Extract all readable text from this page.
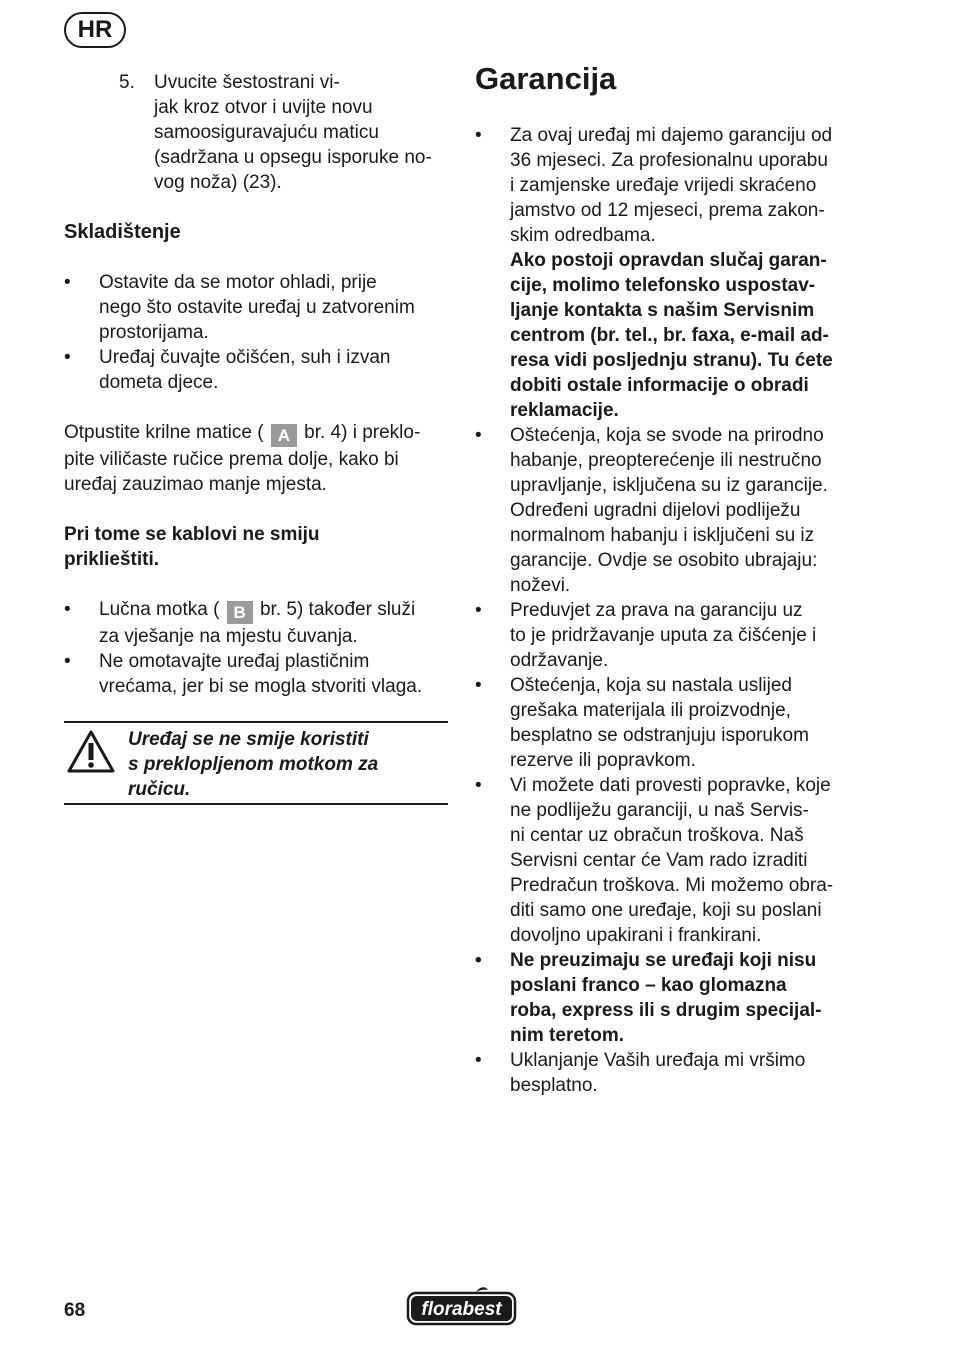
HR
5. Uvucite šestostrani vi-
jak kroz otvor i uvijte novu
samoosiguravajuću maticu
(sadržana u opsegu isporuke no-
vog noža) (23).
Skladištenje
• Ostavite da se motor ohladi, prije
nego što ostavite uređaj u zatvorenim
prostorijama.
• Uređaj čuvajte očišćen, suh i izvan
dometa djece.

Otpustite krilne matice ( A br. 4) i preklo-
pite viličaste ručice prema dolje, kako bi
uređaj zauzimao manje mjesta.

Pri tome se kablovi ne smiju
priklieštiti.

• Lučna motka ( B br. 5) također služi
za vješanje na mjestu čuvanja.
• Ne omotavajte uređaj plastičnim
vrećama, jer bi se mogla stvoriti vlaga.
Uređaj se ne smije koristiti
s preklopljenom motkom za
ručicu.
Garancija
• Za ovaj uređaj mi dajemo garanciju od
36 mjeseci. Za profesionalnu uporabu
i zamjenske uređaje vrijedi skraćeno
jamstvo od 12 mjeseci, prema zakon-
skim odredbama.
Ako postoji opravdan slučaj garan-
cije, molimo telefonsko uspostav-
ljanje kontakta s našim Servisnim
centrom (br. tel., br. faxa, e-mail ad-
resa vidi posljednju stranu). Tu ćete
dobiti ostale informacije o obradi
reklamacije.
• Oštećenja, koja se svode na prirodno
habanje, preopterećenje ili nestručno
upravljanje, isključena su iz garancije.
Određeni ugradni dijelovi podliježu
normalnom habanju i isključeni su iz
garancije. Ovdje se osobito ubrajaju:
noževi.
• Preduvjet za prava na garanciju uz
to je pridržavanje uputa za čišćenje i
održavanje.
• Oštećenja, koja su nastala uslijed
grešaka materijala ili proizvodnje,
besplatno se odstranjuju isporukom
rezerve ili popravkom.
• Vi možete dati provesti popravke, koje
ne podliježu garanciji, u naš Servis-
ni centar uz obračun troškova. Naš
Servisni centar će Vam rado izraditi
Predračun troškova. Mi možemo obra-
diti samo one uređaje, koji su poslani
dovoljno upakirani i frankirani.
• Ne preuzimaju se uređaji koji nisu
poslani franco – kao glomazna
roba, express ili s drugim specijal-
nim teretom.
• Uklanjanje Vaših uređaja mi vršimo
besplatno.
68	florabest
